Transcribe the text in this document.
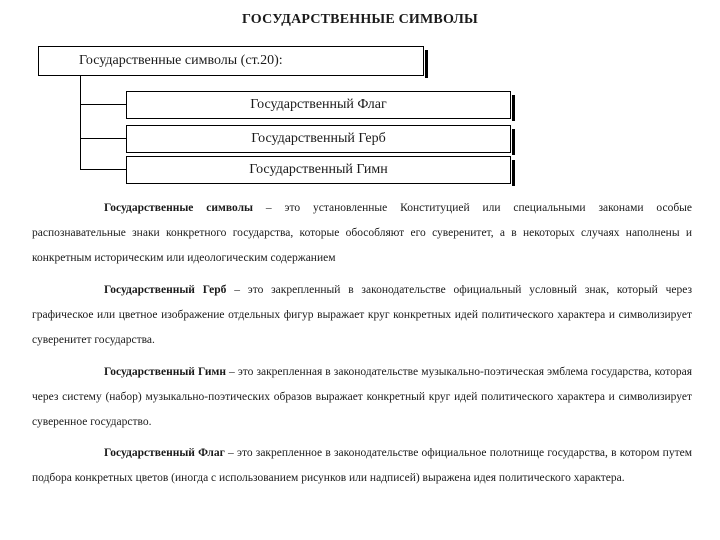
ГОСУДАРСТВЕННЫЕ СИМВОЛЫ
Государственные символы (ст.20):
Государственный Флаг
Государственный Герб
Государственный Гимн

Государственные символы – это установленные Конституцией или специальными законами особые распознавательные знаки конкретного государства, которые обособляют его суверенитет, а в некоторых случаях наполнены и конкретным историческим или идеологическим содержанием

Государственный Герб – это закрепленный в законодательстве официальный условный знак, который через графическое или цветное изображение отдельных фигур выражает круг конкретных идей политического характера и символизирует суверенитет государства.

Государственный Гимн – это закрепленная в законодательстве музыкально-поэтическая эмблема государства, которая через систему (набор) музыкально-поэтических образов выражает конкретный круг идей политического характера и символизирует суверенное государство.

Государственный Флаг – это закрепленное в законодательстве официальное полотнище государства, в котором путем подбора конкретных цветов (иногда с использованием рисунков или надписей) выражена идея политического характера.
